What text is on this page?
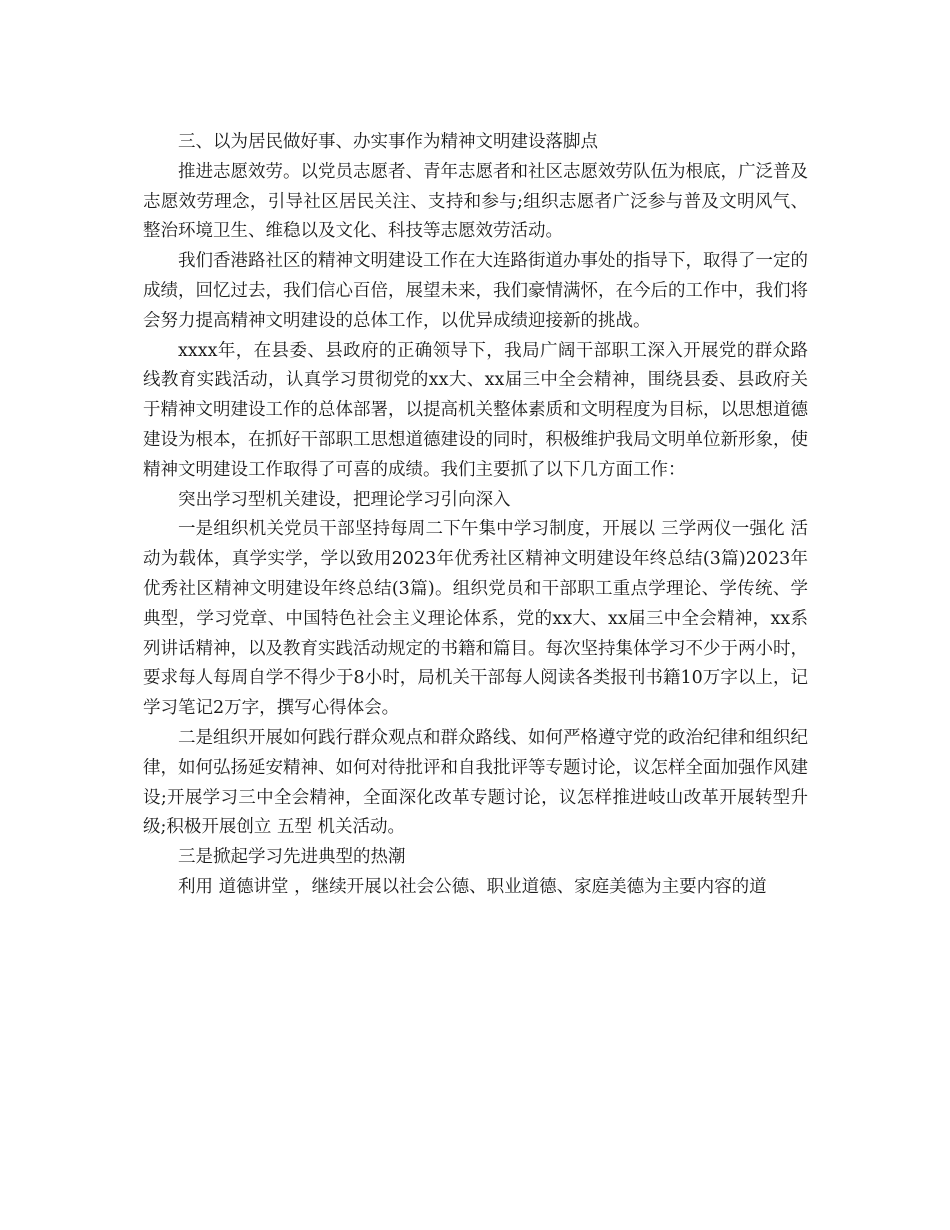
三、以为居民做好事、办实事作为精神文明建设落脚点

推进志愿效劳。以党员志愿者、青年志愿者和社区志愿效劳队伍为根底，广泛普及志愿效劳理念，引导社区居民关注、支持和参与;组织志愿者广泛参与普及文明风气、整治环境卫生、维稳以及文化、科技等志愿效劳活动。

我们香港路社区的精神文明建设工作在大连路街道办事处的指导下，取得了一定的成绩，回忆过去，我们信心百倍，展望未来，我们豪情满怀，在今后的工作中，我们将会努力提高精神文明建设的总体工作，以优异成绩迎接新的挑战。

xxxx年，在县委、县政府的正确领导下，我局广阔干部职工深入开展党的群众路线教育实践活动，认真学习贯彻党的xx大、xx届三中全会精神，围绕县委、县政府关于精神文明建设工作的总体部署，以提高机关整体素质和文明程度为目标，以思想道德建设为根本，在抓好干部职工思想道德建设的同时，积极维护我局文明单位新形象，使精神文明建设工作取得了可喜的成绩。我们主要抓了以下几方面工作：

突出学习型机关建设，把理论学习引向深入

一是组织机关党员干部坚持每周二下午集中学习制度，开展以 三学两仪一强化 活动为载体，真学实学，学以致用2023年优秀社区精神文明建设年终总结(3篇)2023年优秀社区精神文明建设年终总结(3篇)。组织党员和干部职工重点学理论、学传统、学典型，学习党章、中国特色社会主义理论体系，党的xx大、xx届三中全会精神，xx系列讲话精神，以及教育实践活动规定的书籍和篇目。每次坚持集体学习不少于两小时，要求每人每周自学不得少于8小时，局机关干部每人阅读各类报刊书籍10万字以上，记学习笔记2万字，撰写心得体会。

二是组织开展如何践行群众观点和群众路线、如何严格遵守党的政治纪律和组织纪律，如何弘扬延安精神、如何对待批评和自我批评等专题讨论，议怎样全面加强作风建设;开展学习三中全会精神，全面深化改革专题讨论，议怎样推进岐山改革开展转型升级;积极开展创立 五型 机关活动。

三是掀起学习先进典型的热潮

利用 道德讲堂 ，继续开展以社会公德、职业道德、家庭美德为主要内容的道
